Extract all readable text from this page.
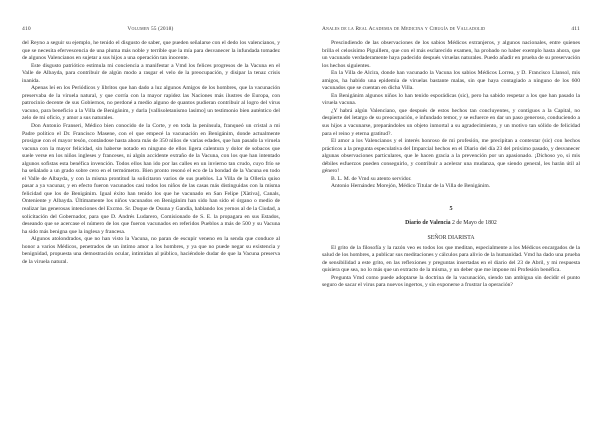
410	Volumen 55 (2018)

del Reyno a seguir su ejemplo, he tenido el disgusto de saber, que pueden señalarse con el dedo los valencianos, y que se necesita efervescencia de una pluma más noble y terrible que la mía para desvanecer la infundada tomadez de algunos Valencianos en sujetar a sus hijos a una operación tan inocente.

Este disgusto patriótico estimula mi conciencia a manifestar a Vmd los felices progresos de la Vacuna en el Valle de Albayda, para contribuir de algún modo a rasgar el velo de la preocupación, y disipar la tenaz crisis inanida.

Apenas leí en los Periódicos y libritos que han dado a luz algunos Amigos de los hombres, que la vacunación preservaba de la viruela natural, y que corría con la mayor rapidez las Naciones más ilustres de Europa, con patrocinio decente de sus Gobiernos, no perdoné a medio alguno de quantos pudieran contribuir al logro del virus vacuno, para beneficio a la Villa de Benigánim, y darla [vallisoletanismo lasimo] un testimonio bien auténtico del zelo de mi oficio, y amor a sus naturales.

Don Antonio Franseri, Médico bien conocido de la Corte, y en toda la península, franqueó un cristal a mi Padre político el Dr. Francisco Masene, con el que empecé la vacunación en Benigánim, donde actualmente prosigue con el mayor tesón, contándose hasta ahora más de 350 niños de varias edades, que han pasado la viruela vacuna con la mayor felicidad, sin haberse notado en ninguno de ellos ligera calentura y dolor de sobacos que suele verse en los niños ingleses y franceses, ni algún accidente extraño de la Vacuna, con los que han intentado algunos sofistas esta benéfica invención. Todos ellos han ido por las calles en un invierno tan crudo, cuyo frío se ha señalado a un grado sobre cero en el termómetro. Bien pronto resonó el eco de la bondad de la Vacuna en todo el Valle de Albayda, y con la misma prontitud la solicitaron varios de sus pueblos. La Villa de la Ollería quiso pasar a ya vacunar, y en efecto fueron vacunados casi todos los niños de las casas más distinguidas con la misma felicidad que los de Benigánim. Igual éxito han tenido los que he vacunado en San Felipe [Xàtiva], Canals, Onteniente y Albayda. Últimamente los niños vacunados en Benigánim han sido han sido el órgano o medio de realizar las generosas intenciones del Excmo. Sr. Duque de Osuna y Gandía, hablando los yernos al de la Ciudad, a solicitación del Gobernador, para que D. Andrés Ludarero, Comisionado de S. E. la propagara en sus Estados, deseando que se acercase el número de los que fueron vacunados en referidos Pueblos a más de 500 y su Vacuna ha sido más benigna que la inglesa y francesa.

Algunos atolondrados, que no han visto la Vacuna, no paran de escupir veneno en la senda que conduce al honor a varios Médicos, penetrados de un íntimo amor a los hombres, y ya que no puede negar su existencia y benignidad, propuesta una demostración ocular, intimidan al público, haciéndole dudar de que la Vacuna preserva de la viruela natural.

Anales de la Real Academia de Medicina y Cirugía de Valladolid	411

Prescindiendo de las observaciones de los sabios Médicos extranjeros, y algunos nacionales, entre quienes brilla el celosísimo Piguillem, que con el más esclarecido examen, ha probado no haber exemplo hasta ahora, que un vacunado verdaderamente haya padecido después viruelas naturales. Puedo añadir en prueba de su preservación los hechos siguientes.

En la Villa de Alcira, donde han vacunado la Vacuna los sabios Médicos Lorrea, y D. Francisco Llansol, mis amigos, ha habido una epidemia de viruelas bastante malas, sin que haya contagiado a ninguno de los 600 vacunados que se cuentan en dicha Villa.

En Benigánim algunos niños lo han tenido esporádicas (sic), pero ha sabido respetar a los que han pasado la viruela vacuna.

¿Y habrá algún Valenciano, que después de estos hechos tan concluyentes, y contiguos a la Capital, no despierte del letargo de su preocupación, e infundado temor, y se esfuerce en dar un paso generoso, conduciendo a sus hijos a vacunarse, preparándoles un objeto inmortal a su agradecimiento, y un motivo tan sólido de felicidad para el reino y eterna gratitud?.

El amor a los Valencianos y el interés honroso de mi profesión, me precipitan a contextar (sic) con hechos prácticos a la pregunta especulativa del Imparcial hechos en el Diario del día 23 del próximo pasado, y desvanecer algunas observaciones particulares, que le hacen gracia a la prevención por un apasionado. ¡Dichoso yo, si mis débiles esfuerzos pueden conseguirlo, y contribuir a acelerar una mudanza, que siendo general, les harán útil al género!

B. L. M. de Vmd su atento servidor.

Antonio Hernández Morejón, Médico Titular de la Villa de Benigánim.

5
Diario de Valencia 2 de Mayo de 1802
SEÑOR DIARISTA

El grito de la filosofía y la razón veo es todos los que meditan, especialmente a los Médicos encargados de la salud de los hombres, a publicar sus meditaciones y cálculos para alivio de la humanidad. Vmd ha dado una prueba de sensibilidad a este grito, en las reflexiones y preguntas insertadas en el diario del 23 de Abril, y mi respuesta quisiera que sea, no lo más que un extracto de la misma, y un deber que me impone mi Profesión benéfica.

Pregunta Vmd como puede adoptarse la doctrina de la vacunación, siendo tan ambigua sin decidir el punto seguro de sacar el virus para nuevos ingertos, y sin exponerse a frustrar la operación?
